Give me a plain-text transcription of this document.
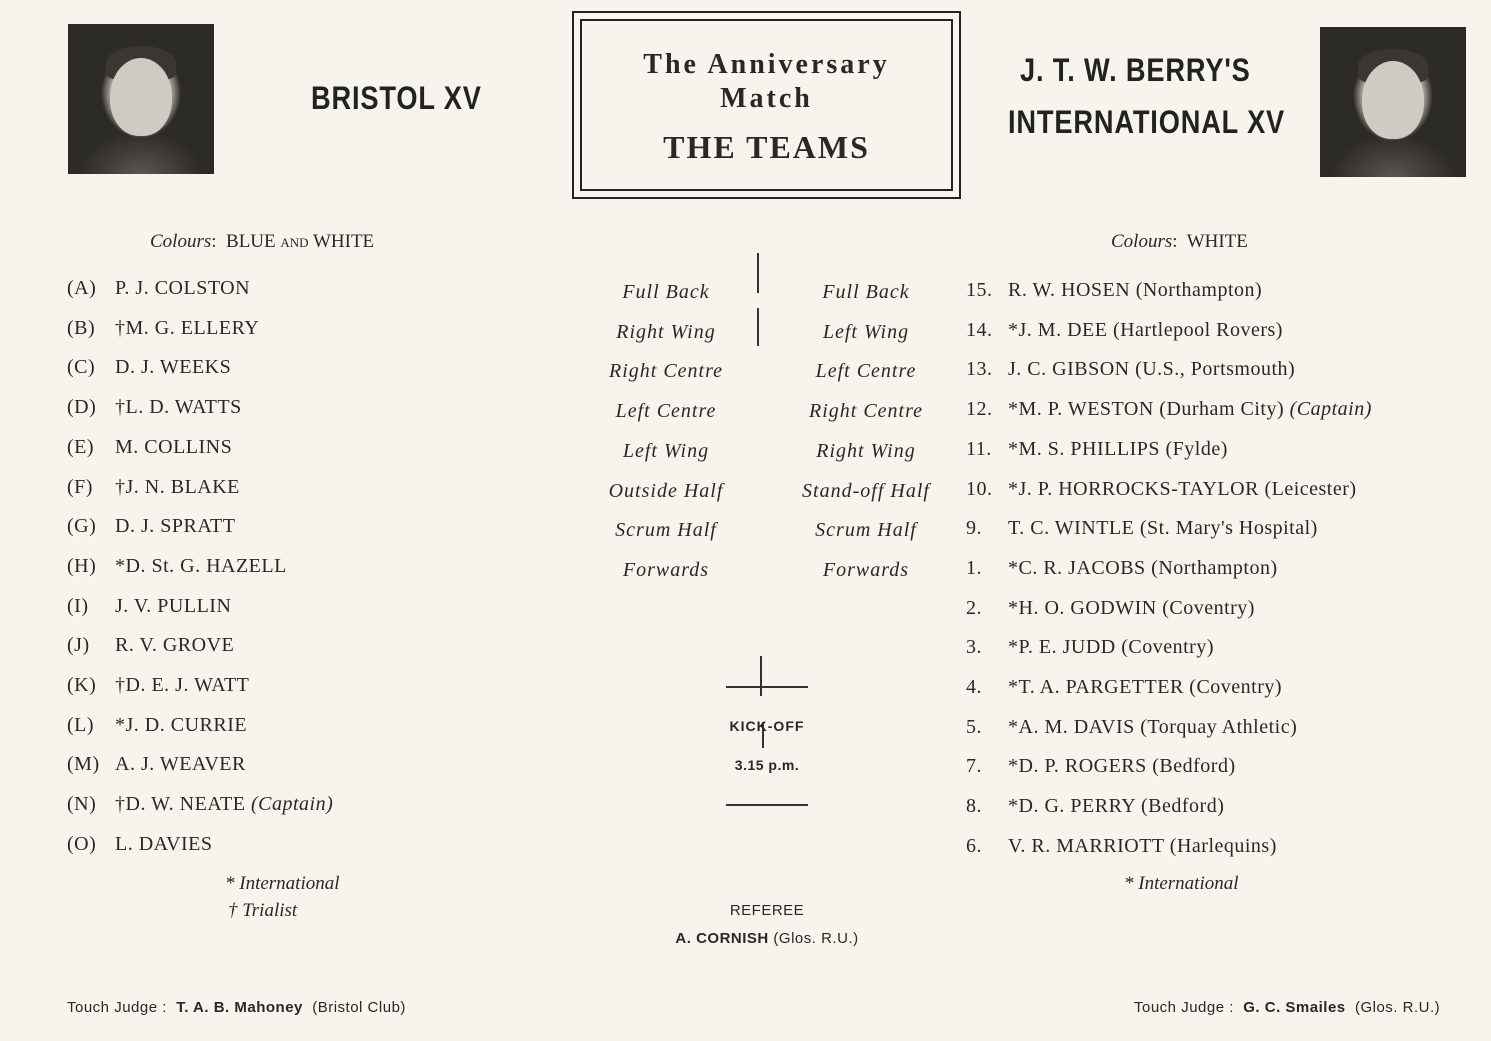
BRISTOL XV
J. T. W. BERRY'S
INTERNATIONAL XV
The Anniversary
Match
THE TEAMS
Colours:  BLUE and WHITE	Colours:  WHITE
(A) P. J. COLSTON
(B) †M. G. ELLERY
(C) D. J. WEEKS
(D) †L. D. WATTS
(E) M. COLLINS
(F) †J. N. BLAKE
(G) D. J. SPRATT
(H) *D. St. G. HAZELL
(I) J. V. PULLIN
(J) R. V. GROVE
(K) †D. E. J. WATT
(L) *J. D. CURRIE
(M) A. J. WEAVER
(N) †D. W. NEATE (Captain)
(O) L. DAVIES
Full Back
Right Wing
Right Centre
Left Centre
Left Wing
Outside Half
Scrum Half
Forwards
Full Back
Left Wing
Left Centre
Right Centre
Right Wing
Stand-off Half
Scrum Half
Forwards
15. R. W. HOSEN (Northampton)
14. *J. M. DEE (Hartlepool Rovers)
13. J. C. GIBSON (U.S., Portsmouth)
12. *M. P. WESTON (Durham City) (Captain)
11. *M. S. PHILLIPS (Fylde)
10. *J. P. HORROCKS-TAYLOR (Leicester)
9. T. C. WINTLE (St. Mary's Hospital)
1. *C. R. JACOBS (Northampton)
2. *H. O. GODWIN (Coventry)
3. *P. E. JUDD (Coventry)
4. *T. A. PARGETTER (Coventry)
5. *A. M. DAVIS (Torquay Athletic)
7. *D. P. ROGERS (Bedford)
8. *D. G. PERRY (Bedford)
6. V. R. MARRIOTT (Harlequins)
KICK-OFF
3.15 p.m.
* International
† Trialist
* International
REFEREE
A. CORNISH (Glos. R.U.)
Touch Judge : T. A. B. Mahoney (Bristol Club)	Touch Judge : G. C. Smailes (Glos. R.U.)
